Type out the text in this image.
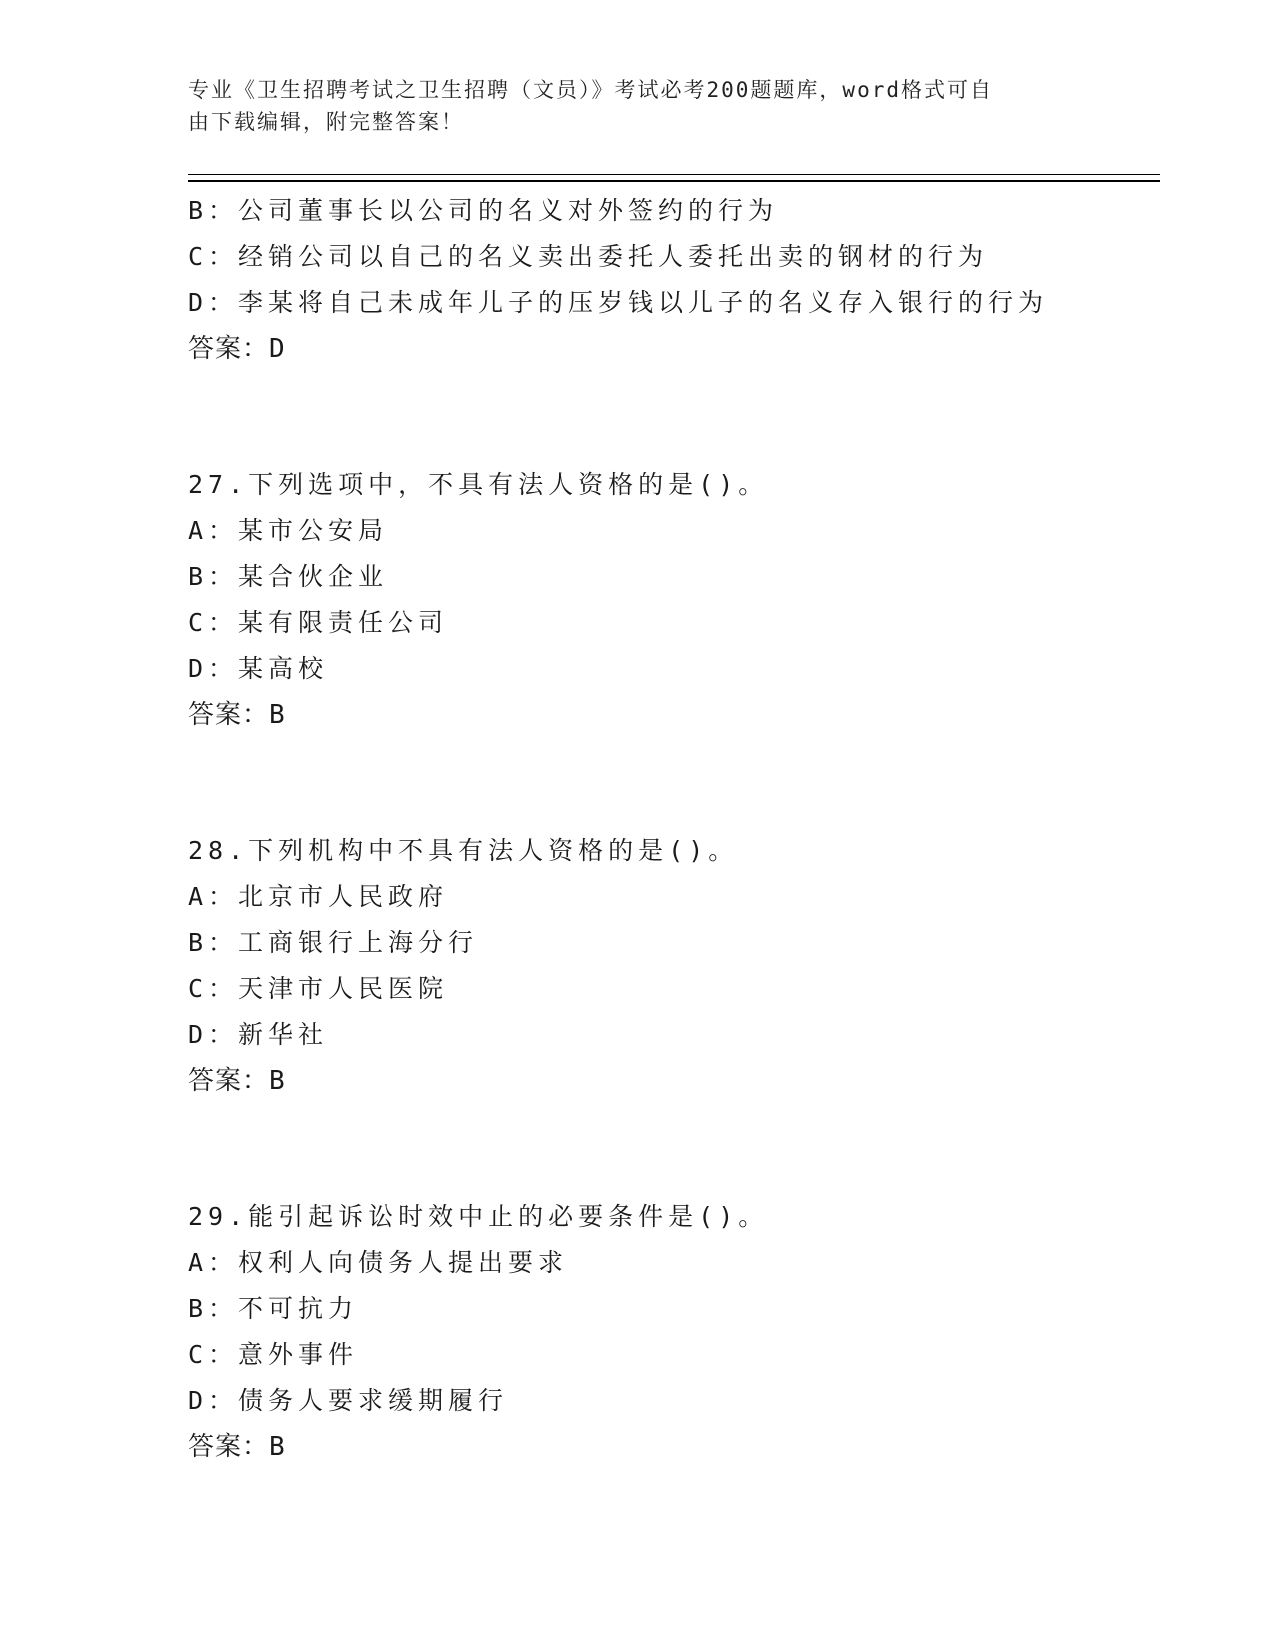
专业《卫生招聘考试之卫生招聘（文员）》考试必考200题题库，word格式可自
由下载编辑，附完整答案！
B：公司董事长以公司的名义对外签约的行为
C：经销公司以自己的名义卖出委托人委托出卖的钢材的行为
D：李某将自己未成年儿子的压岁钱以儿子的名义存入银行的行为
答案：D
27.下列选项中，不具有法人资格的是()。
A：某市公安局
B：某合伙企业
C：某有限责任公司
D：某高校
答案：B
28.下列机构中不具有法人资格的是()。
A：北京市人民政府
B：工商银行上海分行
C：天津市人民医院
D：新华社
答案：B
29.能引起诉讼时效中止的必要条件是()。
A：权利人向债务人提出要求
B：不可抗力
C：意外事件
D：债务人要求缓期履行
答案：B
